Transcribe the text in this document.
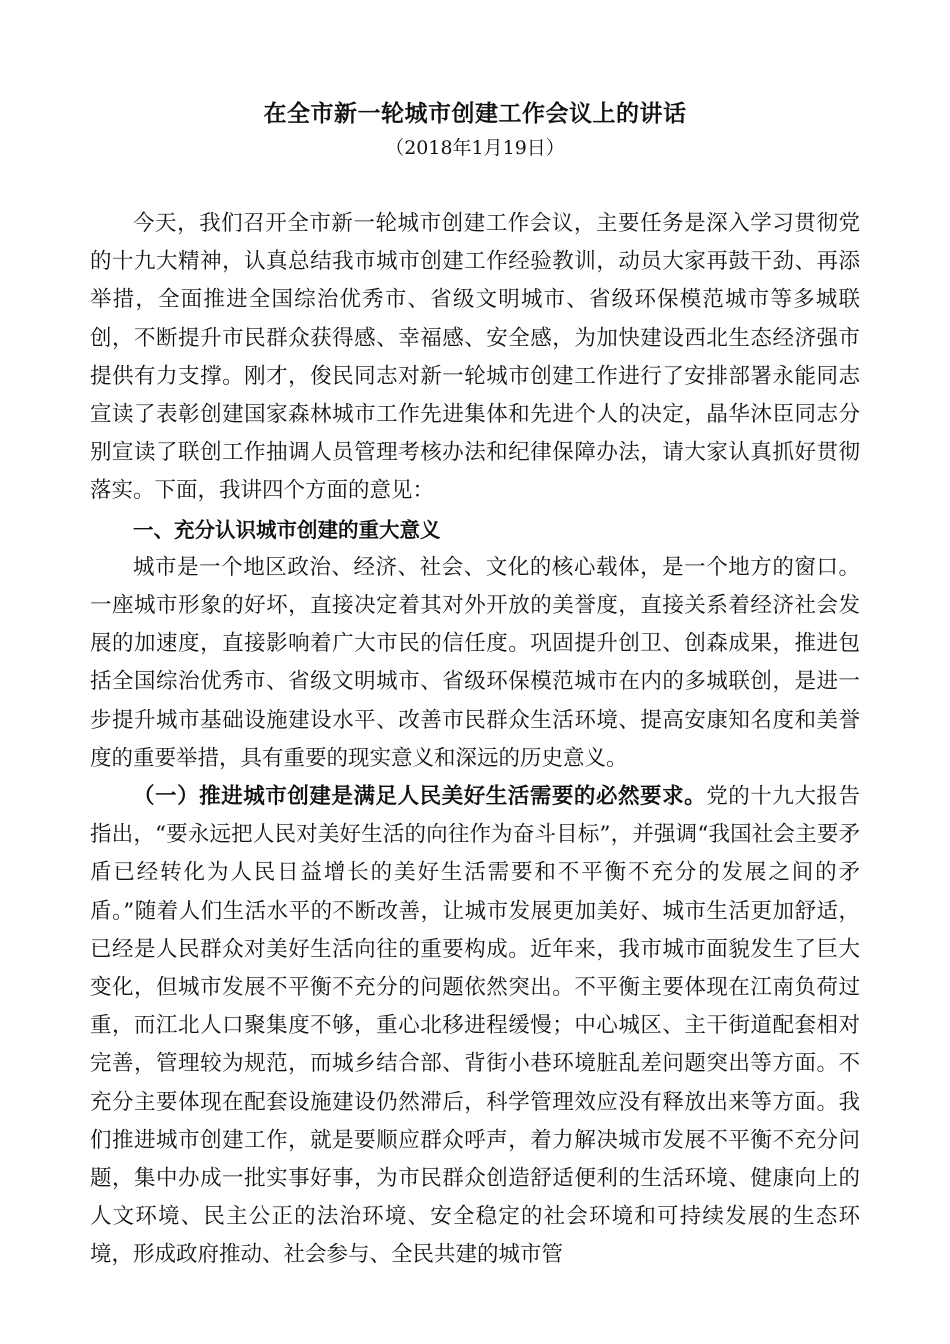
在全市新一轮城市创建工作会议上的讲话
（2018年1月19日）

今天，我们召开全市新一轮城市创建工作会议，主要任务是深入学习贯彻党的十九大精神，认真总结我市城市创建工作经验教训，动员大家再鼓干劲、再添举措，全面推进全国综治优秀市、省级文明城市、省级环保模范城市等多城联创，不断提升市民群众获得感、幸福感、安全感，为加快建设西北生态经济强市提供有力支撑。刚才，俊民同志对新一轮城市创建工作进行了安排部署永能同志宣读了表彰创建国家森林城市工作先进集体和先进个人的决定，晶华沐臣同志分别宣读了联创工作抽调人员管理考核办法和纪律保障办法，请大家认真抓好贯彻落实。下面，我讲四个方面的意见：

一、充分认识城市创建的重大意义

城市是一个地区政治、经济、社会、文化的核心载体，是一个地方的窗口。一座城市形象的好坏，直接决定着其对外开放的美誉度，直接关系着经济社会发展的加速度，直接影响着广大市民的信任度。巩固提升创卫、创森成果，推进包括全国综治优秀市、省级文明城市、省级环保模范城市在内的多城联创，是进一步提升城市基础设施建设水平、改善市民群众生活环境、提高安康知名度和美誉度的重要举措，具有重要的现实意义和深远的历史意义。

（一）推进城市创建是满足人民美好生活需要的必然要求。党的十九大报告指出，“要永远把人民对美好生活的向往作为奋斗目标”，并强调“我国社会主要矛盾已经转化为人民日益增长的美好生活需要和不平衡不充分的发展之间的矛盾。”随着人们生活水平的不断改善，让城市发展更加美好、城市生活更加舒适，已经是人民群众对美好生活向往的重要构成。近年来，我市城市面貌发生了巨大变化，但城市发展不平衡不充分的问题依然突出。不平衡主要体现在江南负荷过重，而江北人口聚集度不够，重心北移进程缓慢；中心城区、主干街道配套相对完善，管理较为规范，而城乡结合部、背街小巷环境脏乱差问题突出等方面。不充分主要体现在配套设施建设仍然滞后，科学管理效应没有释放出来等方面。我们推进城市创建工作，就是要顺应群众呼声，着力解决城市发展不平衡不充分问题，集中办成一批实事好事，为市民群众创造舒适便利的生活环境、健康向上的人文环境、民主公正的法治环境、安全稳定的社会环境和可持续发展的生态环境，形成政府推动、社会参与、全民共建的城市管
